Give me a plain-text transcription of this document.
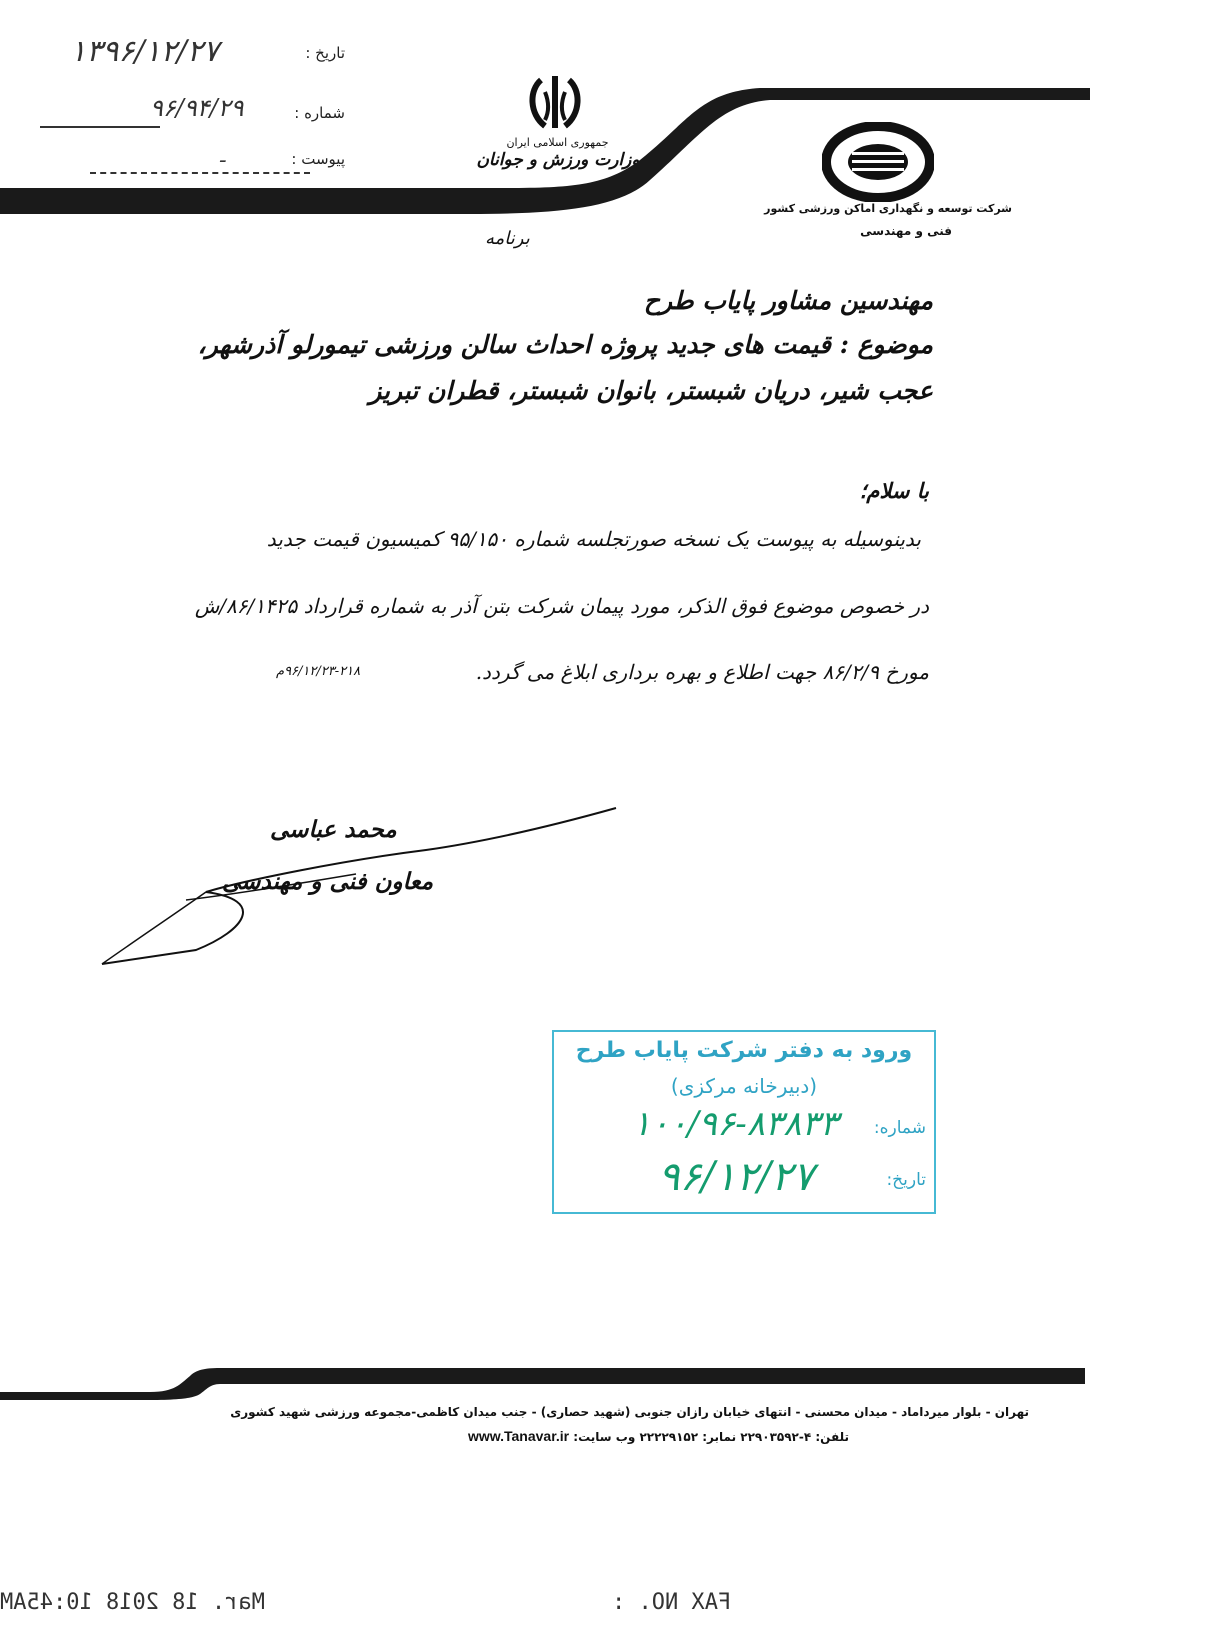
تاریخ :
۱۳۹۶/۱۲/۲۷
شماره :
۹۶/۹۴/۲۹
پیوست :
ـ
جمهوری اسلامی ایران
وزارت ورزش و جوانان
شرکت توسعه و نگهداری اماکن ورزشی کشور
فنی و مهندسی
برنامه
مهندسین مشاور پایاب طرح
موضوع : قیمت های جدید پروژه احداث سالن ورزشی تیمورلو آذرشهر،
عجب شیر، دریان شبستر، بانوان شبستر، قطران تبریز
با سلام؛
بدینوسیله به پیوست یک نسخه صورتجلسه شماره ۹۵/۱۵۰ کمیسیون قیمت جدید
در خصوص موضوع فوق الذکر، مورد پیمان شرکت بتن آذر به شماره قرارداد ۸۶/۱۴۲۵/ش
مورخ ۸۶/۲/۹ جهت اطلاع و بهره برداری ابلاغ می گردد.
۹۶/۱۲/۲۳-۲۱۸م
محمد عباسی
معاون فنی و مهندسی
ورود به دفتر شرکت پایاب طرح
(دبیرخانه مرکزی)
شماره:
۱۰۰/۹۶-۸۳۸۳۳
تاریخ:
۹۶/۱۲/۲۷
تهران - بلوار میرداماد - میدان محسنی - انتهای خیابان رازان جنوبی (شهید حصاری) - جنب میدان کاظمی-مجموعه ورزشی شهید کشوری
تلفن: ۴-۲۲۹۰۳۵۹۲ نمابر: ۲۲۲۲۹۱۵۲ وب سایت: www.Tanavar.ir
FAX NO. :
Mar. 18 2018 10:45AM
